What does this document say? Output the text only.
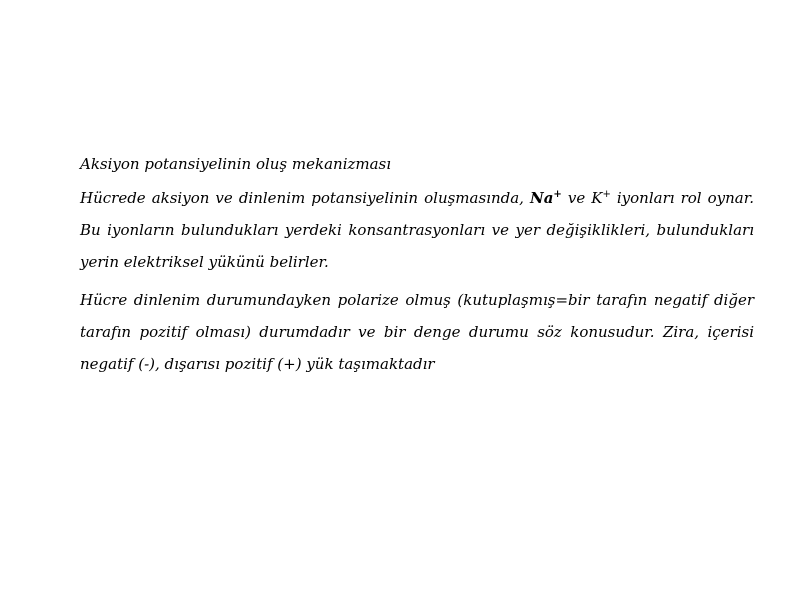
Aksiyon potansiyelinin oluş mekanizması

Hücrede aksiyon ve dinlenim potansiyelinin oluşmasında, Na+ ve K+ iyonları rol oynar. Bu iyonların bulundukları yerdeki konsantrasyonları ve yer değişiklikleri, bulundukları yerin elektriksel yükünü belirler.

Hücre dinlenim durumundayken polarize olmuş (kutuplaşmış=bir tarafın negatif diğer tarafın pozitif olması) durumdadır ve bir denge durumu söz konusudur. Zira, içerisi negatif (-), dışarısı pozitif (+) yük taşımaktadır
